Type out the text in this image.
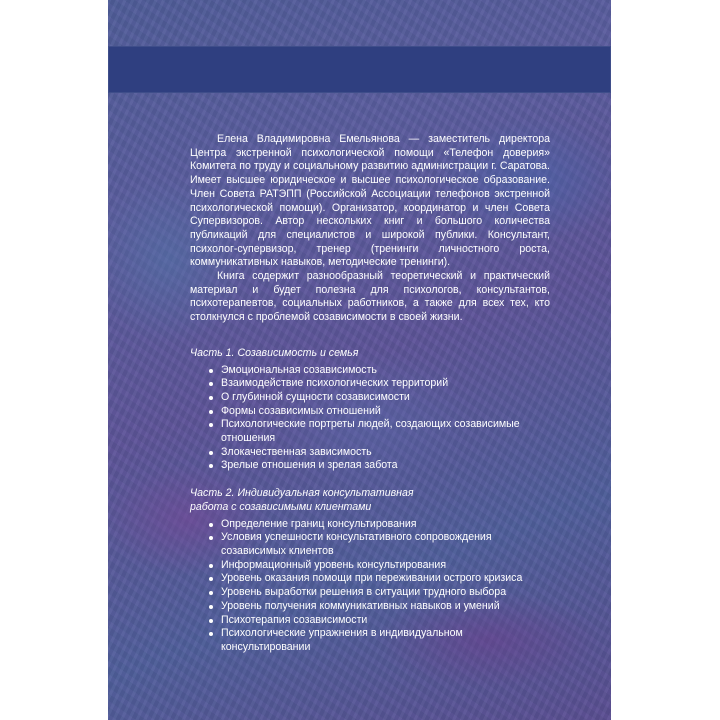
Елена Владимировна Емельянова — заместитель директора Центра экстренной психологической помощи «Телефон доверия» Комитета по труду и социальному развитию администрации г. Саратова. Имеет высшее юридическое и высшее психологическое образование. Член Совета РАТЭПП (Российской Ассоциации телефонов экстренной психологической помощи). Организатор, координатор и член Совета Супервизоров. Автор нескольких книг и большого количества публикаций для специалистов и широкой публики. Консультант, психолог-супервизор, тренер (тренинги личностного роста, коммуникативных навыков, методические тренинги).

Книга содержит разнообразный теоретический и практический материал и будет полезна для психологов, консультантов, психотерапевтов, социальных работников, а также для всех тех, кто столкнулся с проблемой созависимости в своей жизни.

Часть 1. Созависимость и семья

Эмоциональная созависимость
Взаимодействие психологических территорий
О глубинной сущности созависимости
Формы созависимых отношений
Психологические портреты людей, создающих созависимые отношения
Злокачественная зависимость
Зрелые отношения и зрелая забота

Часть 2. Индивидуальная консультативная работа с созависимыми клиентами

Определение границ консультирования
Условия успешности консультативного сопровождения созависимых клиентов
Информационный уровень консультирования
Уровень оказания помощи при переживании острого кризиса
Уровень выработки решения в ситуации трудного выбора
Уровень получения коммуникативных навыков и умений
Психотерапия созависимости
Психологические упражнения в индивидуальном консультировании
